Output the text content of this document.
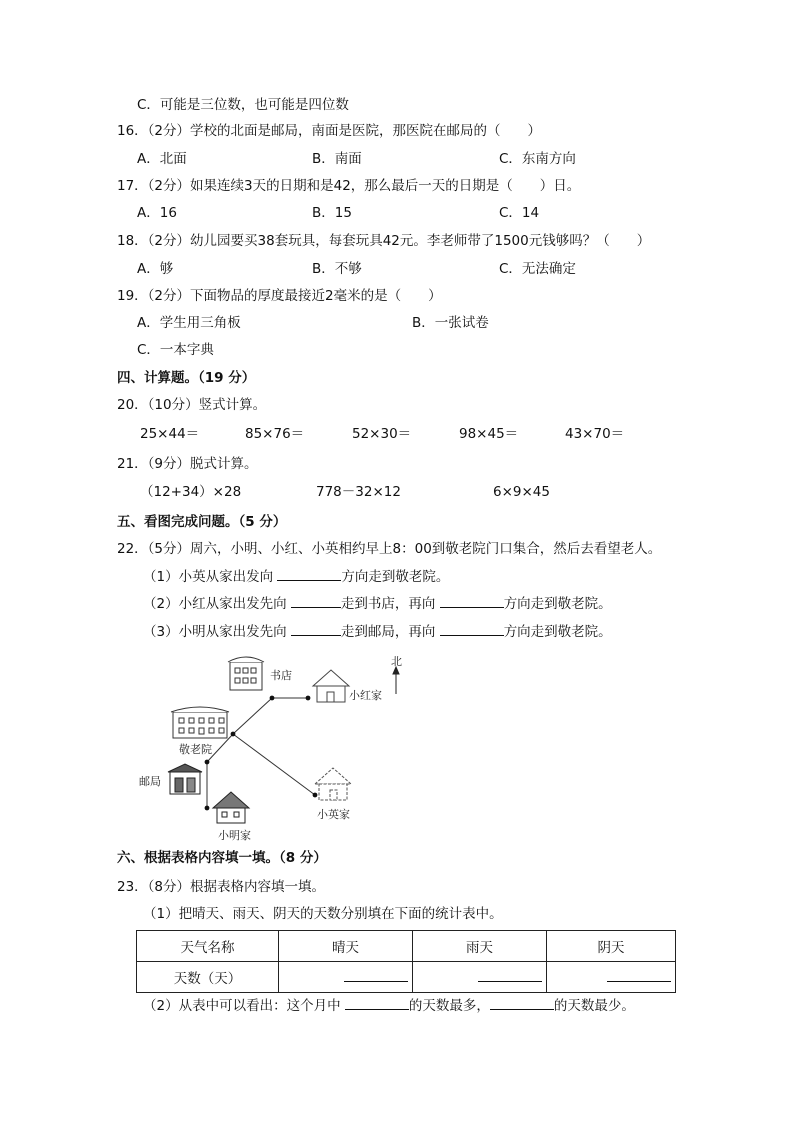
C．可能是三位数，也可能是四位数
16．（2分）学校的北面是邮局，南面是医院，那医院在邮局的（　　）
A．北面	B．南面	C．东南方向
17．（2分）如果连续3天的日期和是42，那么最后一天的日期是（　　）日。
A．16	B．15	C．14
18．（2分）幼儿园要买38套玩具，每套玩具42元。李老师带了1500元钱够吗？（　　）
A．够	B．不够	C．无法确定
19．（2分）下面物品的厚度最接近2毫米的是（　　）
A．学生用三角板	B．一张试卷
C．一本字典
四、计算题。（19 分）
20．（10分）竖式计算。
25×44＝	85×76＝	52×30＝	98×45＝	43×70＝
21．（9分）脱式计算。
（12+34）×28	778－32×12	6×9×45
五、看图完成问题。（5 分）
22．（5分）周六，小明、小红、小英相约早上8：00到敬老院门口集合，然后去看望老人。
（1）小英从家出发向	方向走到敬老院。
（2）小红从家出发先向	走到书店，再向	方向走到敬老院。
（3）小明从家出发先向	走到邮局，再向	方向走到敬老院。
书店
小红家
北
敬老院
邮局
小明家
小英家
六、根据表格内容填一填。（8 分）
23．（8分）根据表格内容填一填。
（1）把晴天、雨天、阴天的天数分别填在下面的统计表中。
天气名称	晴天	雨天	阴天
天数（天）			
（2）从表中可以看出：这个月中	的天数最多，	的天数最少。
